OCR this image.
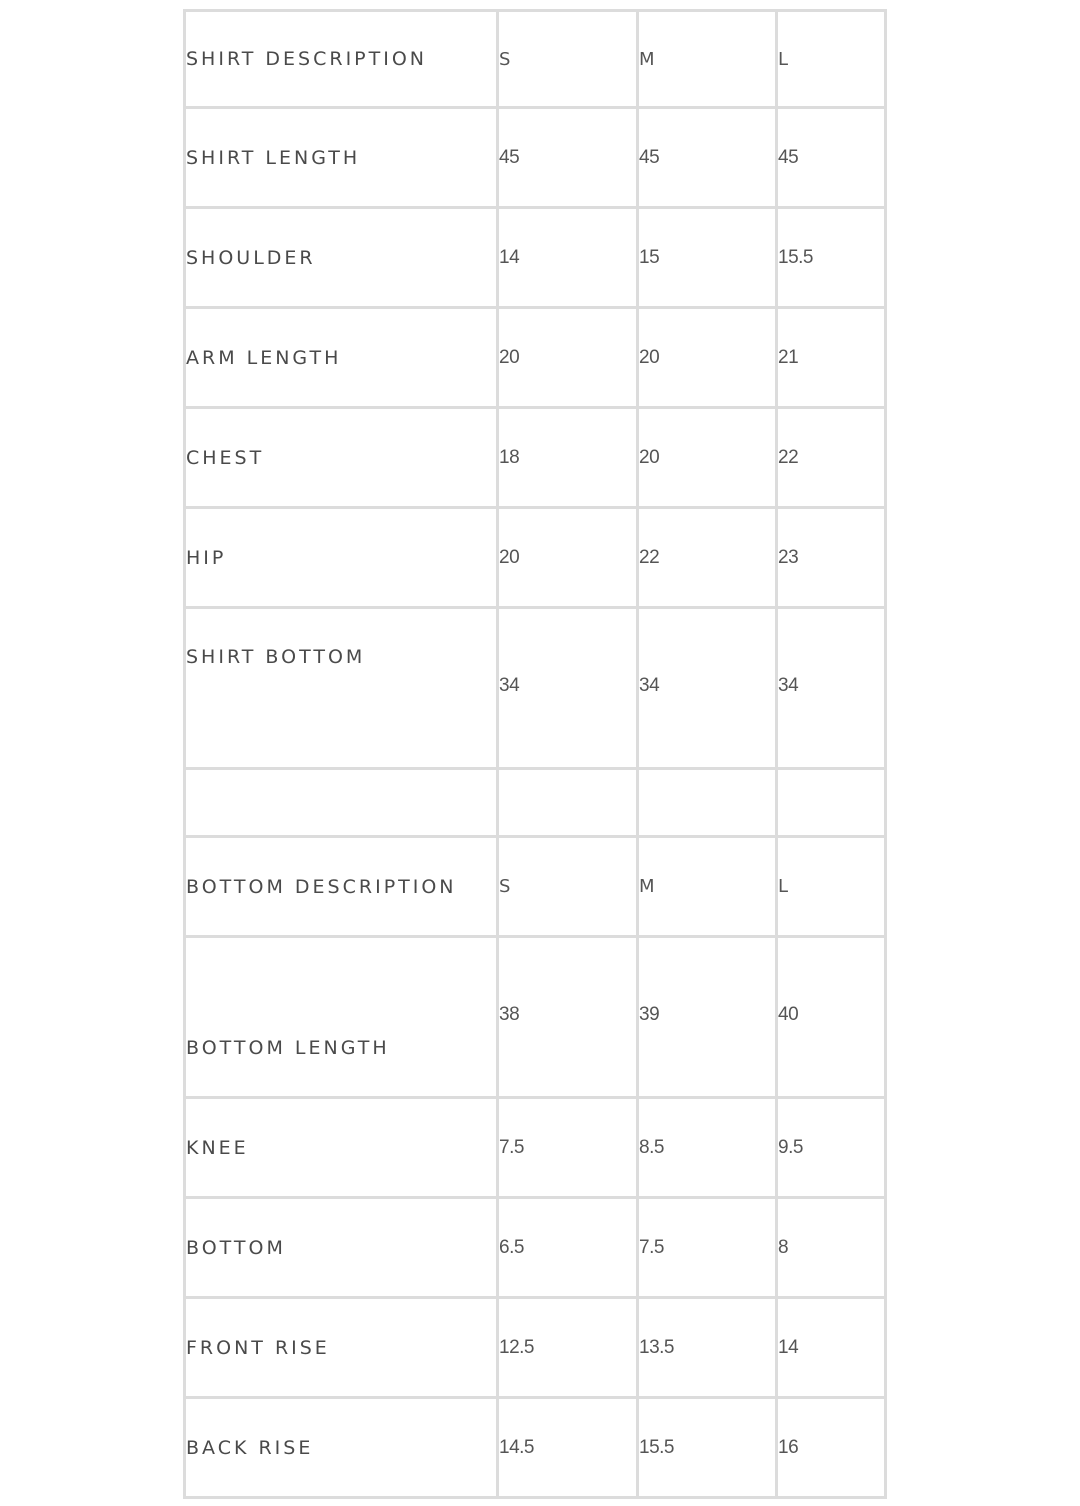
SHIRT DESCRIPTION	S	M	L
SHIRT LENGTH	45	45	45
SHOULDER	14	15	15.5
ARM LENGTH	20	20	21
CHEST	18	20	22
HIP	20	22	23
SHIRT BOTTOM	34	34	34

BOTTOM DESCRIPTION	S	M	L
BOTTOM LENGTH	38	39	40
KNEE	7.5	8.5	9.5
BOTTOM	6.5	7.5	8
FRONT RISE	12.5	13.5	14
BACK RISE	14.5	15.5	16
